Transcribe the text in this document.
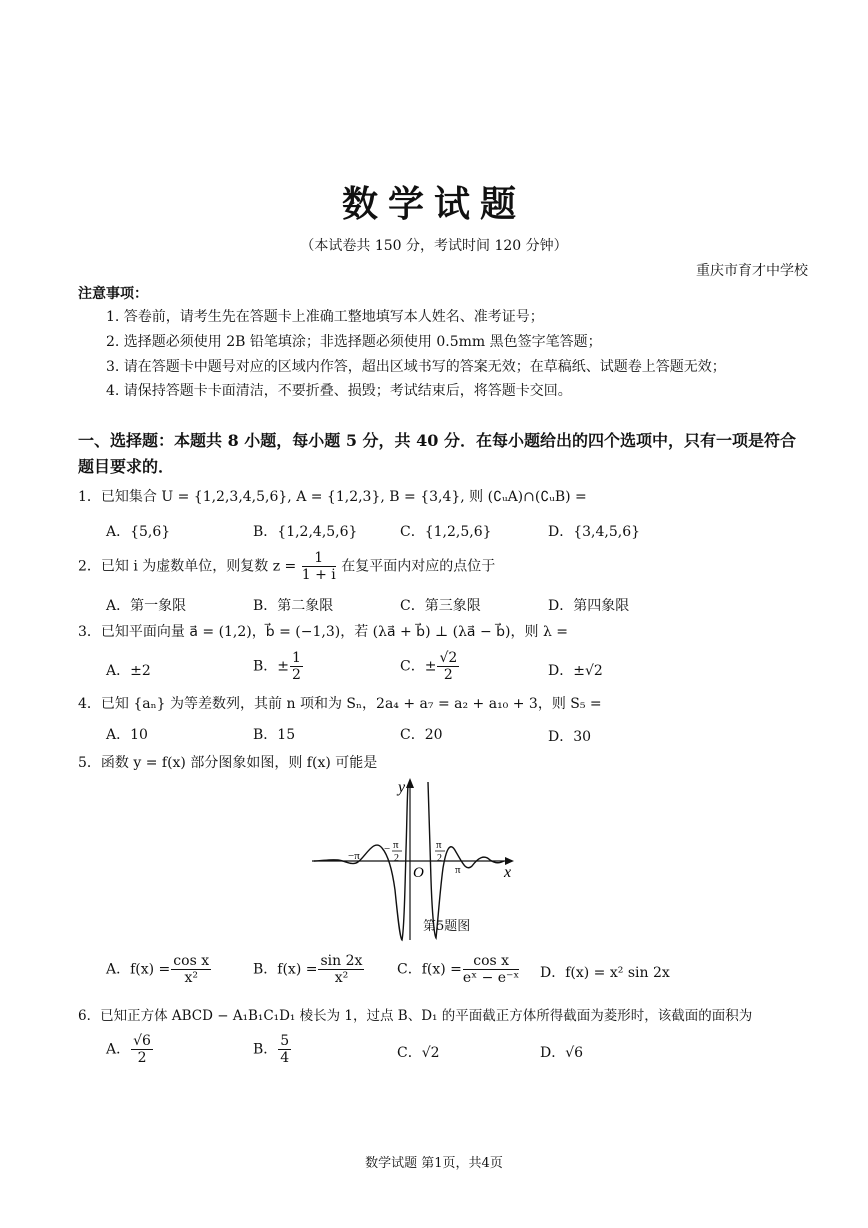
数学试题
（本试卷共 150 分，考试时间 120 分钟）
重庆市育才中学校
注意事项：
1. 答卷前，请考生先在答题卡上准确工整地填写本人姓名、准考证号；
2. 选择题必须使用 2B 铅笔填涂；非选择题必须使用 0.5mm 黑色签字笔答题；
3. 请在答题卡中题号对应的区域内作答，超出区域书写的答案无效；在草稿纸、试题卷上答题无效；
4. 请保持答题卡卡面清洁，不要折叠、损毁；考试结束后，将答题卡交回。
一、选择题：本题共 8 小题，每小题 5 分，共 40 分．在每小题给出的四个选项中，只有一项是符合题目要求的．
1．已知集合 U = {1,2,3,4,5,6}, A = {1,2,3}, B = {3,4}, 则 (∁ᵤA)∩(∁ᵤB) =
A．{5,6}	B．{1,2,4,5,6}	C．{1,2,5,6}	D．{3,4,5,6}
2．已知 i 为虚数单位，则复数 $z = \frac{1}{1 + i}$ 在复平面内对应的点位于
A．第一象限	B．第二象限	C．第三象限	D．第四象限
3．已知平面向量 a⃗ = (1,2)，b⃗ = (−1,3)，若 (λa⃗ + b⃗) ⊥ (λa⃗ − b⃗)，则 λ =
A．±2	B．± $\frac{1}{2}$	C．± $\frac{√2}{2}$	D．±√2
4．已知 {aₙ} 为等差数列，其前 n 项和为 Sₙ，2a₄ + a₇ = a₂ + a₁₀ + 3，则 S₅ =
A．10	B．15	C．20	D．30
5．函数 y = f(x) 部分图象如图，则 f(x) 可能是
y
x
O
−π
π
− π
2
π
2
第5题图
A．$f(x) = \frac{\text{cos x}}{\text{x²}}$	B．$f(x) = \frac{\sin 2x}{\text{x²}}$ C．$f(x) = \frac{\text{cos x}}{\text{eˣ − e⁻ˣ}}$ D．f(x) = x² sin 2x
6．已知正方体 ABCD − A₁B₁C₁D₁ 棱长为 1，过点 B、D₁ 的平面截正方体所得截面为菱形时，该截面的面积为
A． $\frac{√6}{2}$	B． $\frac{5}{4}$	C．√2	D．√6
数学试题 第1页，共4页
